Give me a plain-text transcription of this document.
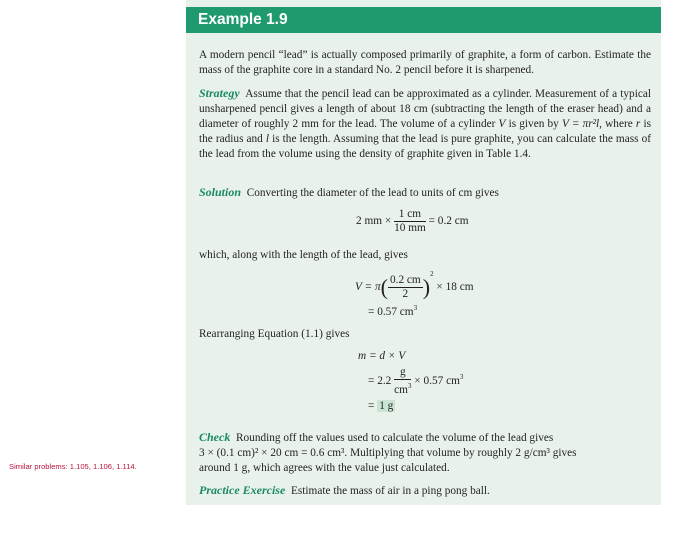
Similar problems: 1.105, 1.106, 1.114.
Example 1.9
A modern pencil “lead” is actually composed primarily of graphite, a form of carbon. Estimate the mass of the graphite core in a standard No. 2 pencil before it is sharpened.
Strategy Assume that the pencil lead can be approximated as a cylinder. Measurement of a typical unsharpened pencil gives a length of about 18 cm (subtracting the length of the eraser head) and a diameter of roughly 2 mm for the lead. The volume of a cylinder V is given by V = πr²l, where r is the radius and l is the length. Assuming that the lead is pure graphite, you can calculate the mass of the lead from the volume using the density of graphite given in Table 1.4.
Solution Converting the diameter of the lead to units of cm gives
2 mm × $\frac{1 cm}{10 mm} = 0.2$ cm
which, along with the length of the lead, gives
$V = \pi( \frac{0.2 cm}{2} )^2 \times 18$ cm
= 0.57 $cm^3$
Rearranging Equation (1.1) gives
m = d × V
= $2.2 \frac{g}{cm^3} \times 0.57$ $cm^3$
= 1 g
Check Rounding off the values used to calculate the volume of the lead gives
3 × (0.1 cm)² × 20 cm = 0.6 cm³. Multiplying that volume by roughly 2 g/cm³ gives
around 1 g, which agrees with the value just calculated.
Practice Exercise Estimate the mass of air in a ping pong ball.
